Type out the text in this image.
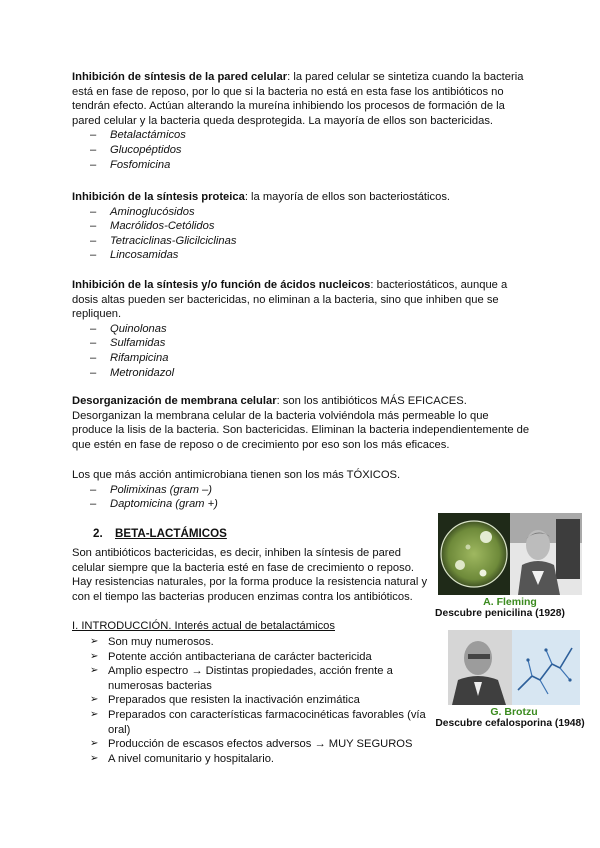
Inhibición de síntesis de la pared celular: la pared celular se sintetiza cuando la bacteria está en fase de reposo, por lo que si la bacteria no está en esta fase los antibióticos no tendrán efecto. Actúan alterando la mureína inhibiendo los procesos de formación de la pared celular y la bacteria queda desprotegida. La mayoría de ellos son bactericidas.

– Betalactámicos
– Glucopéptidos
– Fosfomicina

Inhibición de la síntesis proteica: la mayoría de ellos son bacteriostáticos.

– Aminoglucósidos
– Macrólidos-Cetólidos
– Tetraciclinas-Glicilciclinas
– Lincosamidas

Inhibición de la síntesis y/o función de ácidos nucleicos: bacteriostáticos, aunque a dosis altas pueden ser bactericidas, no eliminan a la bacteria, sino que inhiben que se repliquen.

– Quinolonas
– Sulfamidas
– Rifampicina
– Metronidazol

Desorganización de membrana celular: son los antibióticos MÁS EFICACES. Desorganizan la membrana celular de la bacteria volviéndola más permeable lo que produce la lisis de la bacteria. Son bactericidas. Eliminan la bacteria independientemente de que estén en fase de reposo o de crecimiento por eso son los más eficaces.

Los que más acción antimicrobiana tienen son los más TÓXICOS.

– Polimixinas (gram –)
– Daptomicina (gram +)
2. BETA-LACTÁMICOS
Son antibióticos bactericidas, es decir, inhiben la síntesis de pared celular siempre que la bacteria esté en fase de crecimiento o reposo. Hay resistencias naturales, por la forma produce la resistencia natural y con el tiempo las bacterias producen enzimas contra los antibióticos.
I. INTRODUCCIÓN. Interés actual de betalactámicos
➢ Son muy numerosos.
➢ Potente acción antibacteriana de carácter bactericida
➢ Amplio espectro → Distintas propiedades, acción frente a numerosas bacterias
➢ Preparados que resisten la inactivación enzimática
➢ Preparados con características farmacocinéticas favorables (vía oral)
➢ Producción de escasos efectos adversos → MUY SEGUROS
➢ A nivel comunitario y hospitalario.
A. Fleming
Descubre penicilina (1928)
G. Brotzu
Descubre cefalosporina (1948)
